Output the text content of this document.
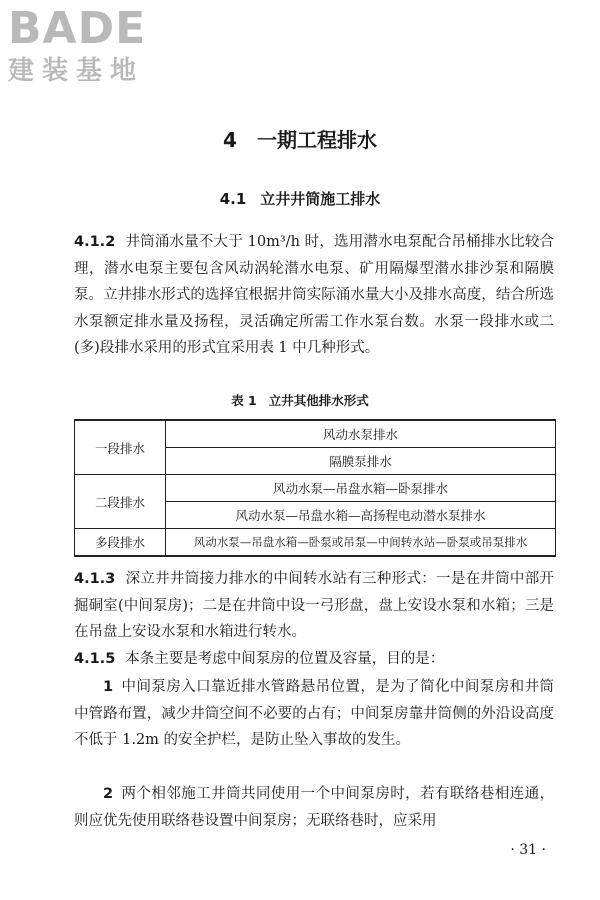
BADE
建装基地
4 一期工程排水
4.1 立井井筒施工排水

4.1.2 井筒涌水量不大于 10m³/h 时，选用潜水电泵配合吊桶排水比较合理，潜水电泵主要包含风动涡轮潜水电泵、矿用隔爆型潜水排沙泵和隔膜泵。立井排水形式的选择宜根据井筒实际涌水量大小及排水高度，结合所选水泵额定排水量及扬程，灵活确定所需工作水泵台数。水泵一段排水或二(多)段排水采用的形式宜采用表 1 中几种形式。

表 1 立井其他排水形式
一段排水	风动水泵排水
	隔膜泵排水
二段排水	风动水泵—吊盘水箱—卧泵排水
	风动水泵—吊盘水箱—高扬程电动潜水泵排水
多段排水	风动水泵—吊盘水箱—卧泵或吊泵—中间转水站—卧泵或吊泵排水

4.1.3 深立井井筒接力排水的中间转水站有三种形式：一是在井筒中部开掘硐室(中间泵房)；二是在井筒中设一弓形盘，盘上安设水泵和水箱；三是在吊盘上安设水泵和水箱进行转水。

4.1.5 本条主要是考虑中间泵房的位置及容量，目的是：

1 中间泵房入口靠近排水管路悬吊位置，是为了简化中间泵房和井筒中管路布置，减少井筒空间不必要的占有；中间泵房靠井筒侧的外沿设高度不低于 1.2m 的安全护栏，是防止坠入事故的发生。

2 两个相邻施工井筒共同使用一个中间泵房时，若有联络巷相连通，则应优先使用联络巷设置中间泵房；无联络巷时，应采用

· 31 ·
